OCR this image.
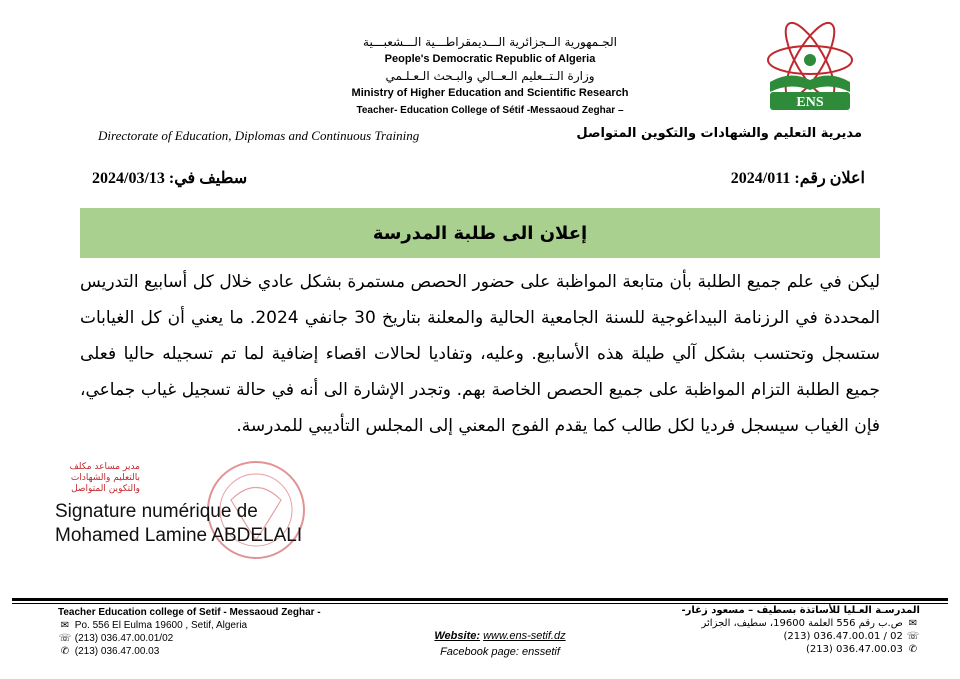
الجـمهورية الــجزائرية الـــديمقراطـــية الـــشعبـــية
People's Democratic Republic of Algeria
وزارة الـتــعليم الـعــالي والبـحث الـعـلـمي
Ministry of Higher Education and Scientific Research
Teacher- Education College of Sétif -Messaoud Zeghar –
ENS
Directorate of Education, Diplomas and Continuous Training	مديرية التعليم والشهادات والتكوين المتواصل
سطيف في: 2024/03/13	اعلان رقم: 2024/011
إعلان الى طلبة المدرسة
ليكن في علم جميع الطلبة بأن متابعة المواظبة على حضور الحصص مستمرة بشكل عادي خلال كل أسابيع التدريس المحددة في الرزنامة البيداغوجية للسنة الجامعية الحالية والمعلنة بتاريخ 30 جانفي 2024. ما يعني أن كل الغيابات ستسجل وتحتسب بشكل آلي طيلة هذه الأسابيع. وعليه، وتفاديا لحالات اقصاء إضافية لما تم تسجيله حاليا فعلى جميع الطلبة التزام المواظبة على جميع الحصص الخاصة بهم. وتجدر الإشارة الى أنه في حالة تسجيل غياب جماعي، فإن الغياب سيسجل فرديا لكل طالب كما يقدم الفوج المعني إلى المجلس التأديبي للمدرسة.
مدير مساعد مكلف بالتعليم والشهادات والتكوين المتواصل
Signature numérique de
Mohamed Lamine ABDELALI
Teacher Education college of Setif - Messaoud Zeghar -
✉ Po. 556 El Eulma 19600 , Setif, Algeria
☏ (213) 036.47.00.01/02
✆ (213) 036.47.00.03
Website: www.ens-setif.dz
Facebook page: enssetif
المدرسـة العـليا للأساتذة بسطيف – مسعود زغار-
✉ ص.ب رقم 556 العلمة 19600، سطيف، الجزائر
☏ (213) 036.47.00.01 / 02
✆ (213) 036.47.00.03
